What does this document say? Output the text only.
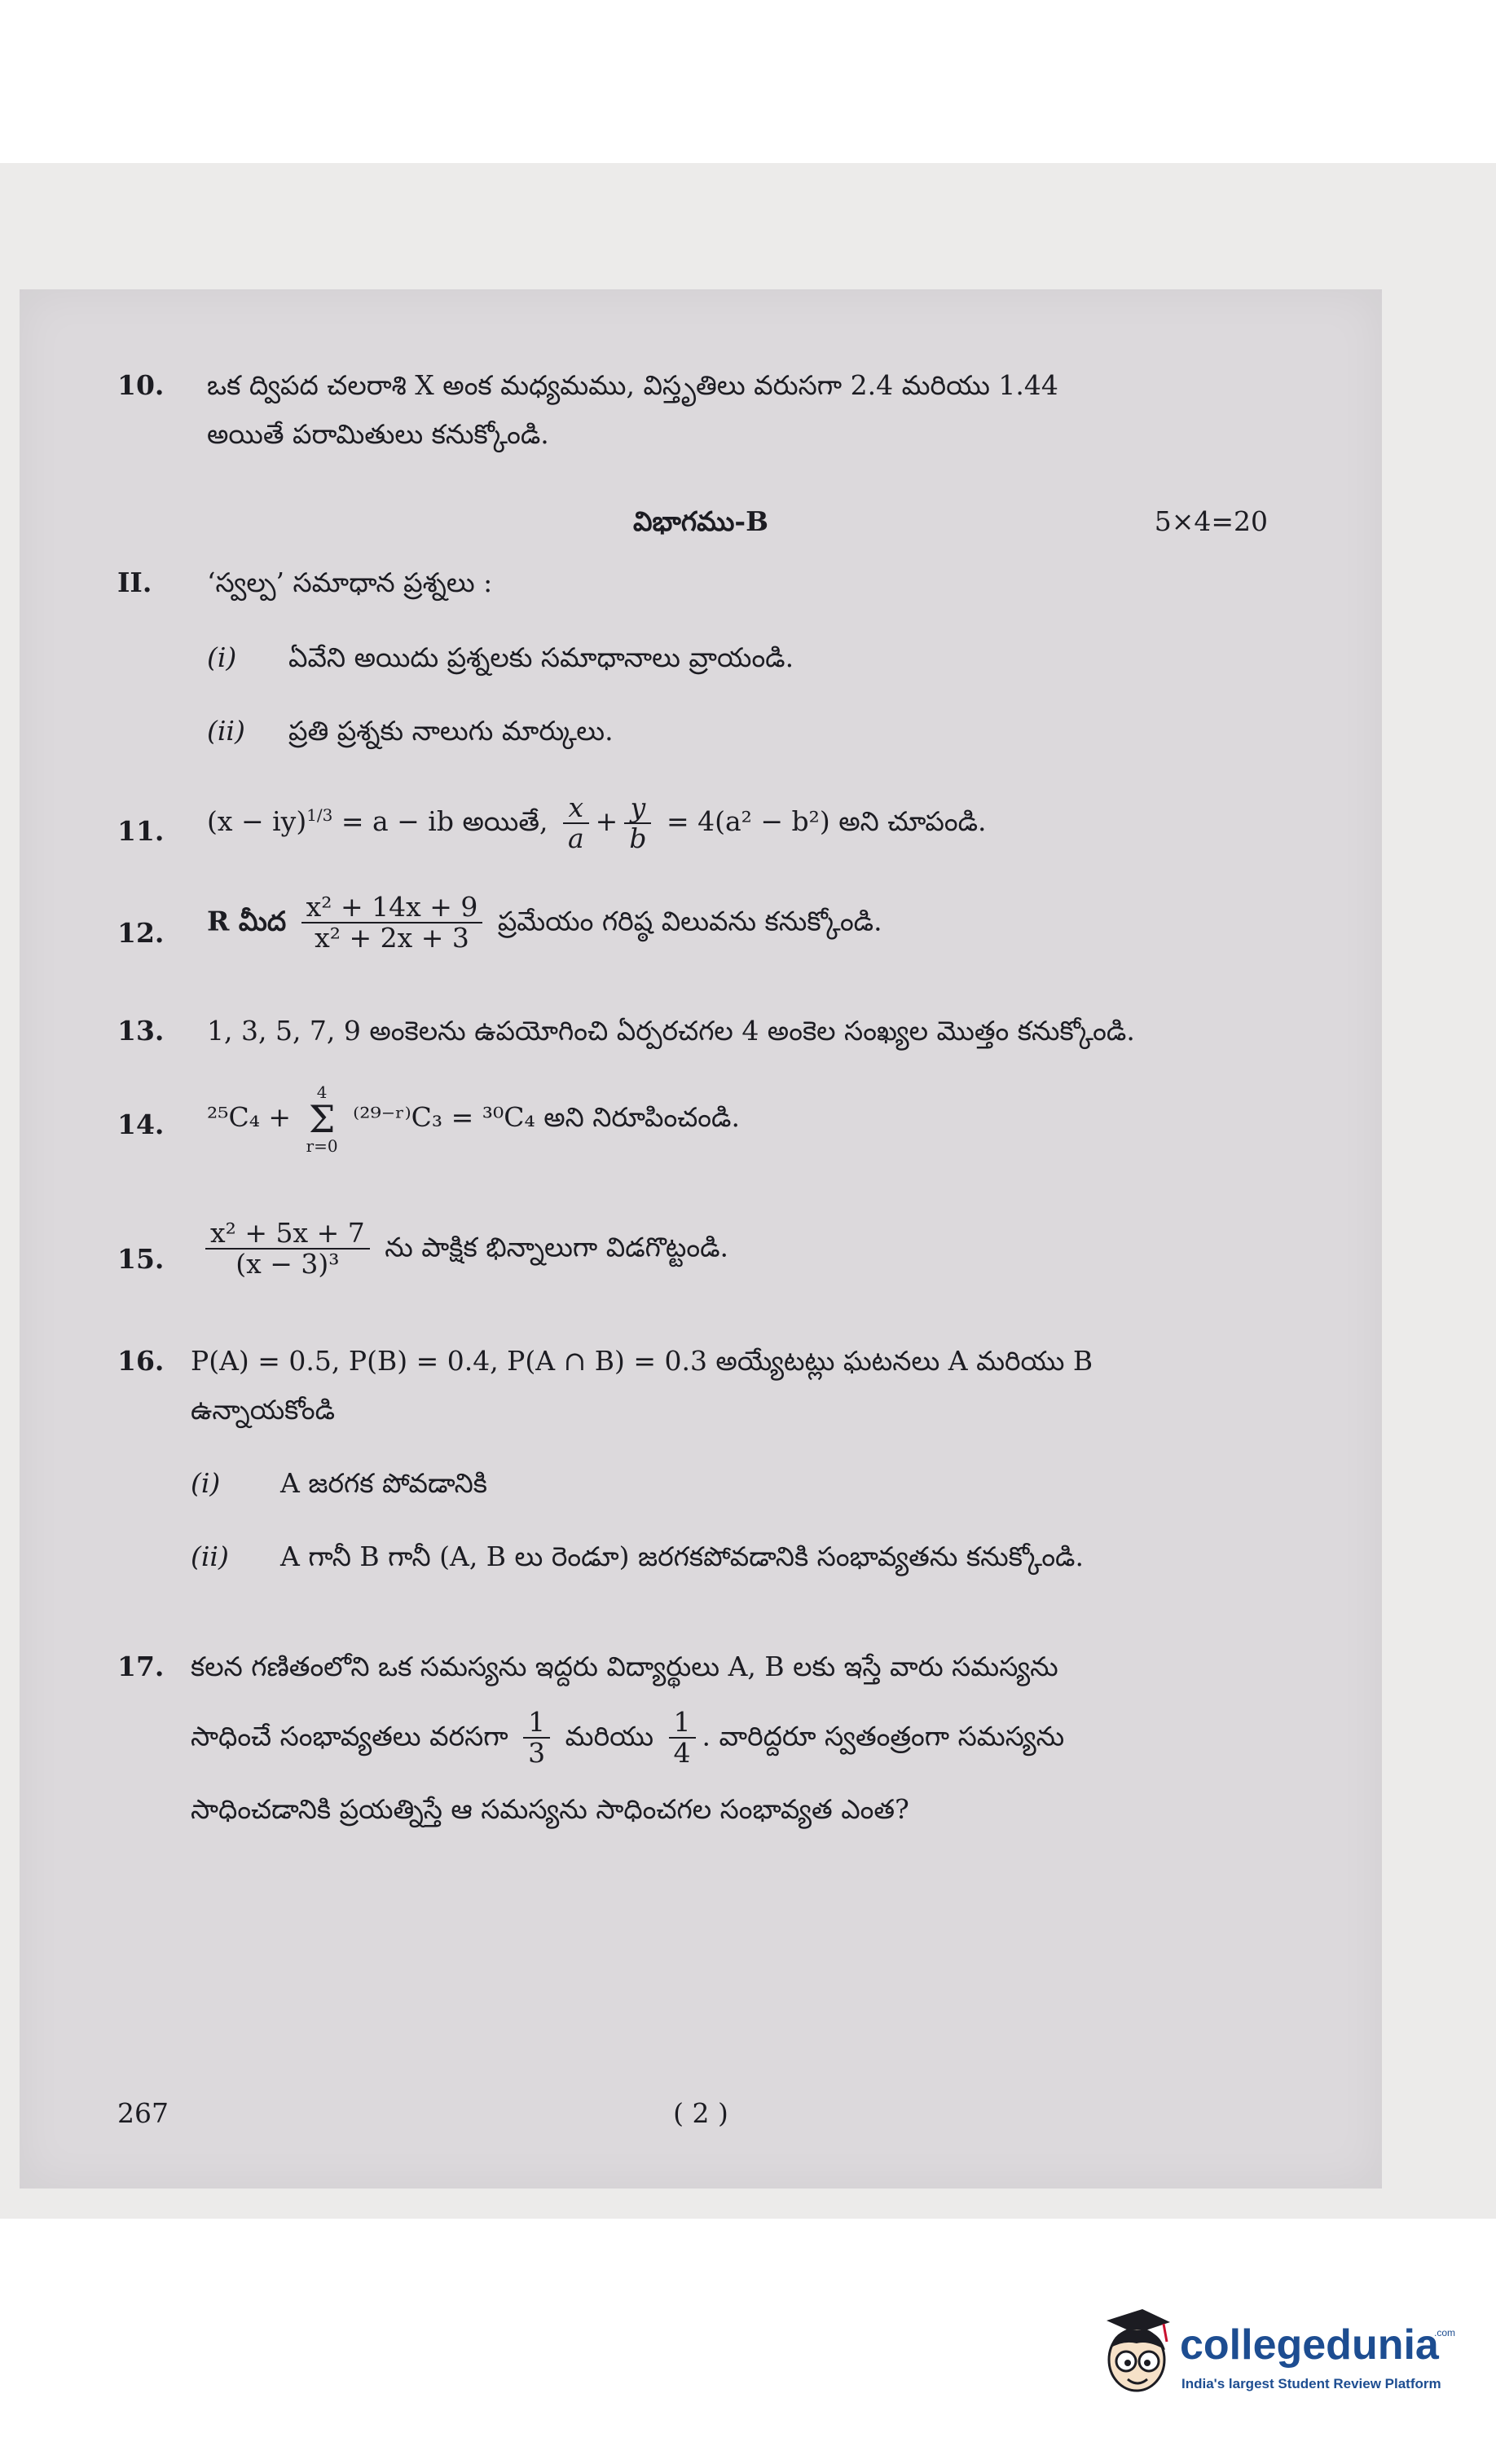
10.	ఒక ద్విపద చలరాశి X అంక మధ్యమము, విస్తృతిలు వరుసగా 2.4 మరియు 1.44
అయితే పరామితులు కనుక్కోండి.
విభాగము-B	5×4=20
II.	‘స్వల్ప’ సమాధాన ప్రశ్నలు :
(i) ఏవేని అయిదు ప్రశ్నలకు సమాధానాలు వ్రాయండి.
(ii) ప్రతి ప్రశ్నకు నాలుగు మార్కులు.
11.	(x − iy)$^{1/3}$ = a − ib అయితే, $\frac{x}{a} + \frac{y}{b} = 4(a^2 - b^2)$ అని చూపండి.
12.	R మీద $\frac{\text{x² + 14x + 9}}{\text{x² + 2x + 3}}$ ప్రమేయం గరిష్ఠ విలువను కనుక్కోండి.
13.	1, 3, 5, 7, 9 అంకెలను ఉపయోగించి ఏర్పరచగల 4 అంకెల సంఖ్యల మొత్తం కనుక్కోండి.
14.	²⁵C₄ +
4
Σ
r=0
⁽²⁹⁻ʳ⁾C₃ = ³⁰C₄ అని నిరూపించండి.
15.	$\frac{\text{x² + 5x + 7}}{\text{(x − 3)³}}$ ను పాక్షిక భిన్నాలుగా విడగొట్టండి.
16. P(A) = 0.5, P(B) = 0.4, P(A ∩ B) = 0.3 అయ్యేటట్లు ఘటనలు A మరియు B
ఉన్నాయకోండి
(i) A జరగక పోవడానికి
(ii) A గానీ B గానీ (A, B లు రెండూ) జరగకపోవడానికి సంభావ్యతను కనుక్కోండి.
17. కలన గణితంలోని ఒక సమస్యను ఇద్దరు విద్యార్థులు A, B లకు ఇస్తే వారు సమస్యను
సాధించే సంభావ్యతలు వరసగా $\frac{1}{3}$ మరియు $\frac{1}{4}$ . వారిద్దరూ స్వతంత్రంగా సమస్యను
సాధించడానికి ప్రయత్నిస్తే ఆ సమస్యను సాధించగల సంభావ్యత ఎంత?
267	( 2 )
collegedunia
.com
India's largest Student Review Platform
